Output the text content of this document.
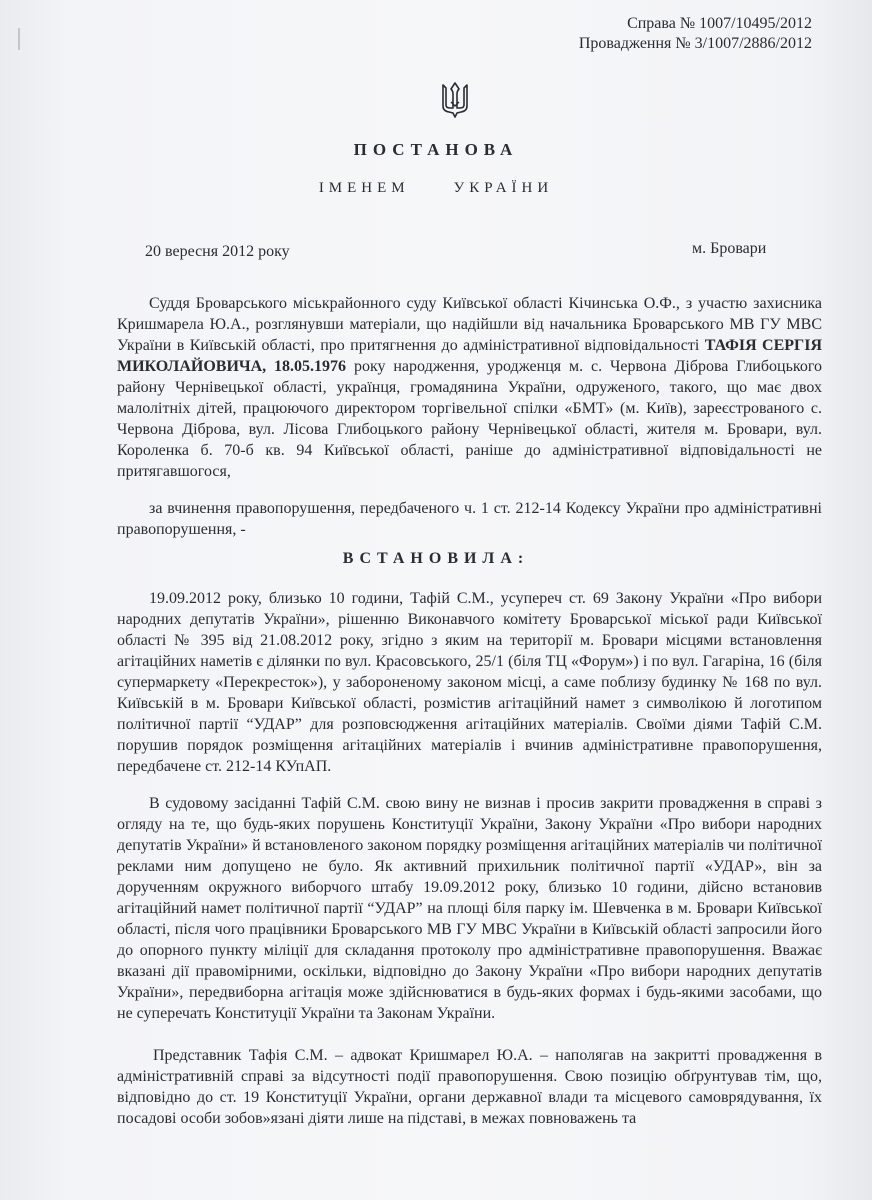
Справа № 1007/10495/2012
Провадження № 3/1007/2886/2012
ПОСТАНОВА
ІМЕНЕМ	УКРАЇНИ
20 вересня 2012 року	м. Бровари
Суддя Броварського міськрайонного суду Київської області Кічинська О.Ф., з участю захисника Кришмарела Ю.А., розглянувши матеріали, що надійшли від начальника Броварського МВ ГУ МВС України в Київській області, про притягнення до адміністративної відповідальності ТАФІЯ СЕРГІЯ МИКОЛАЙОВИЧА, 18.05.1976 року народження, уродженця м. с. Червона Діброва Глибоцького району Чернівецької області, українця, громадянина України, одруженого, такого, що має двох малолітніх дітей, працюючого директором торгівельної спілки «БМТ» (м. Київ), зареєстрованого с. Червона Діброва, вул. Лісова Глибоцького району Чернівецької області, жителя м. Бровари, вул. Короленка б. 70-б кв. 94 Київської області, раніше до адміністративної відповідальності не притягавшогося,
за вчинення правопорушення, передбаченого ч. 1 ст. 212-14 Кодексу України про адміністративні правопорушення, -
ВСТАНОВИЛА:
19.09.2012 року, близько 10 години, Тафій С.М., усупереч ст. 69 Закону України «Про вибори народних депутатів України», рішенню Виконавчого комітету Броварської міської ради Київської області № 395 від 21.08.2012 року, згідно з яким на території м. Бровари місцями встановлення агітаційних наметів є ділянки по вул. Красовського, 25/1 (біля ТЦ «Форум») і по вул. Гагаріна, 16 (біля супермаркету «Перекресток»), у забороненому законом місці, а саме поблизу будинку № 168 по вул. Київській в м. Бровари Київської області, розмістив агітаційний намет з символікою й логотипом політичної партії “УДАР” для розповсюдження агітаційних матеріалів. Своїми діями Тафій С.М. порушив порядок розміщення агітаційних матеріалів і вчинив адміністративне правопорушення, передбачене ст. 212-14 КУпАП.
В судовому засіданні Тафій С.М. свою вину не визнав і просив закрити провадження в справі з огляду на те, що будь-яких порушень Конституції України, Закону України «Про вибори народних депутатів України» й встановленого законом порядку розміщення агітаційних матеріалів чи політичної реклами ним допущено не було. Як активний прихильник політичної партії «УДАР», він за дорученням окружного виборчого штабу 19.09.2012 року, близько 10 години, дійсно встановив агітаційний намет політичної партії “УДАР” на площі біля парку ім. Шевченка в м. Бровари Київської області, після чого працівники Броварського МВ ГУ МВС України в Київській області запросили його до опорного пункту міліції для складання протоколу про адміністративне правопорушення. Вважає вказані дії правомірними, оскільки, відповідно до Закону України «Про вибори народних депутатів України», передвиборна агітація може здійснюватися в будь-яких формах і будь-якими засобами, що не суперечать Конституції України та Законам України.
Представник Тафія С.М. – адвокат Кришмарел Ю.А. – наполягав на закритті провадження в адміністративній справі за відсутності події правопорушення. Свою позицію обґрунтував тім, що, відповідно до ст. 19 Конституції України, органи державної влади та місцевого самоврядування, їх посадові особи зобов»язані діяти лише на підставі, в межах повноважень та
